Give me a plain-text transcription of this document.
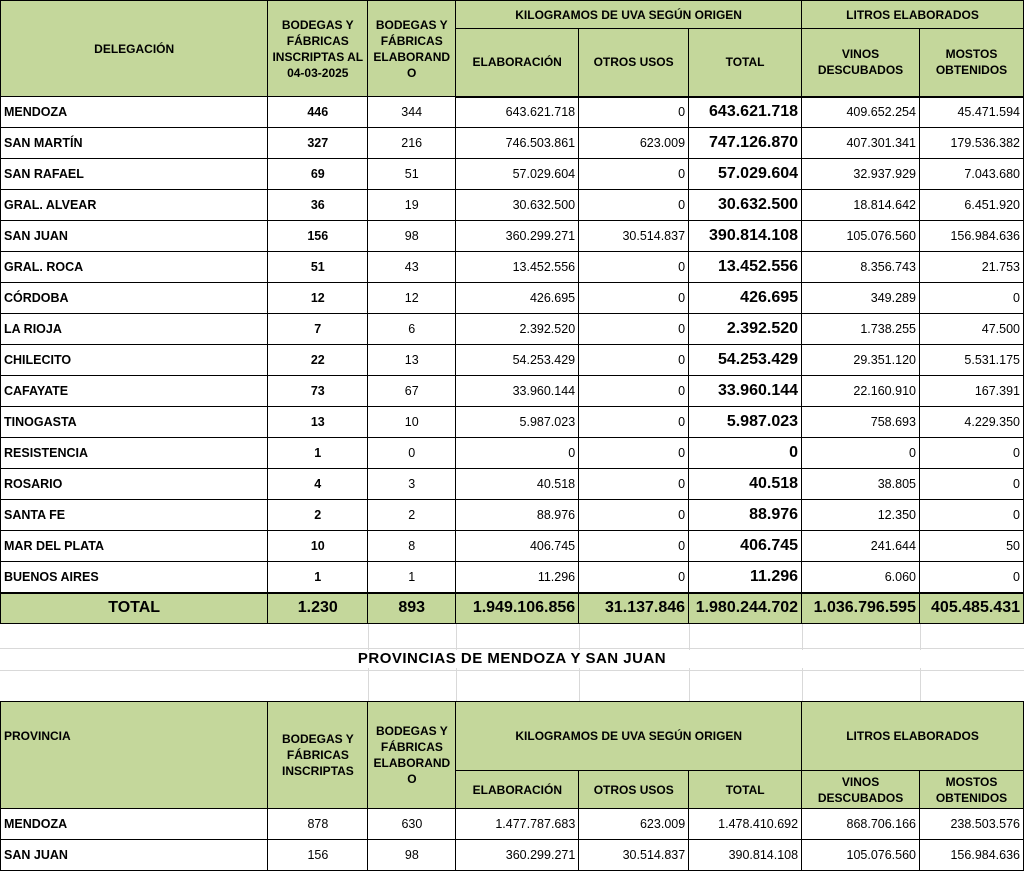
DELEGACIÓN	BODEGAS Y FÁBRICAS INSCRIPTAS AL 04-03-2025	BODEGAS Y FÁBRICAS ELABORAND O	KILOGRAMOS DE UVA SEGÚN ORIGEN			LITROS ELABORADOS	
			ELABORACIÓN	OTROS USOS	TOTAL	VINOS DESCUBADOS	MOSTOS OBTENIDOS
MENDOZA	446	344	643.621.718	0	643.621.718	409.652.254	45.471.594
SAN MARTÍN	327	216	746.503.861	623.009	747.126.870	407.301.341	179.536.382
SAN RAFAEL	69	51	57.029.604	0	57.029.604	32.937.929	7.043.680
GRAL. ALVEAR	36	19	30.632.500	0	30.632.500	18.814.642	6.451.920
SAN JUAN	156	98	360.299.271	30.514.837	390.814.108	105.076.560	156.984.636
GRAL. ROCA	51	43	13.452.556	0	13.452.556	8.356.743	21.753
CÓRDOBA	12	12	426.695	0	426.695	349.289	0
LA RIOJA	7	6	2.392.520	0	2.392.520	1.738.255	47.500
CHILECITO	22	13	54.253.429	0	54.253.429	29.351.120	5.531.175
CAFAYATE	73	67	33.960.144	0	33.960.144	22.160.910	167.391
TINOGASTA	13	10	5.987.023	0	5.987.023	758.693	4.229.350
RESISTENCIA	1	0	0	0	0	0	0
ROSARIO	4	3	40.518	0	40.518	38.805	0
SANTA FE	2	2	88.976	0	88.976	12.350	0
MAR DEL PLATA	10	8	406.745	0	406.745	241.644	50
BUENOS AIRES	1	1	11.296	0	11.296	6.060	0
TOTAL	1.230	893	1.949.106.856	31.137.846	1.980.244.702	1.036.796.595	405.485.431
PROVINCIAS DE MENDOZA Y SAN JUAN
PROVINCIA	BODEGAS Y FÁBRICAS INSCRIPTAS	BODEGAS Y FÁBRICAS ELABORAND O	KILOGRAMOS DE UVA SEGÚN ORIGEN			LITROS ELABORADOS	
			ELABORACIÓN	OTROS USOS	TOTAL	VINOS DESCUBADOS	MOSTOS OBTENIDOS
MENDOZA	878	630	1.477.787.683	623.009	1.478.410.692	868.706.166	238.503.576
SAN JUAN	156	98	360.299.271	30.514.837	390.814.108	105.076.560	156.984.636
